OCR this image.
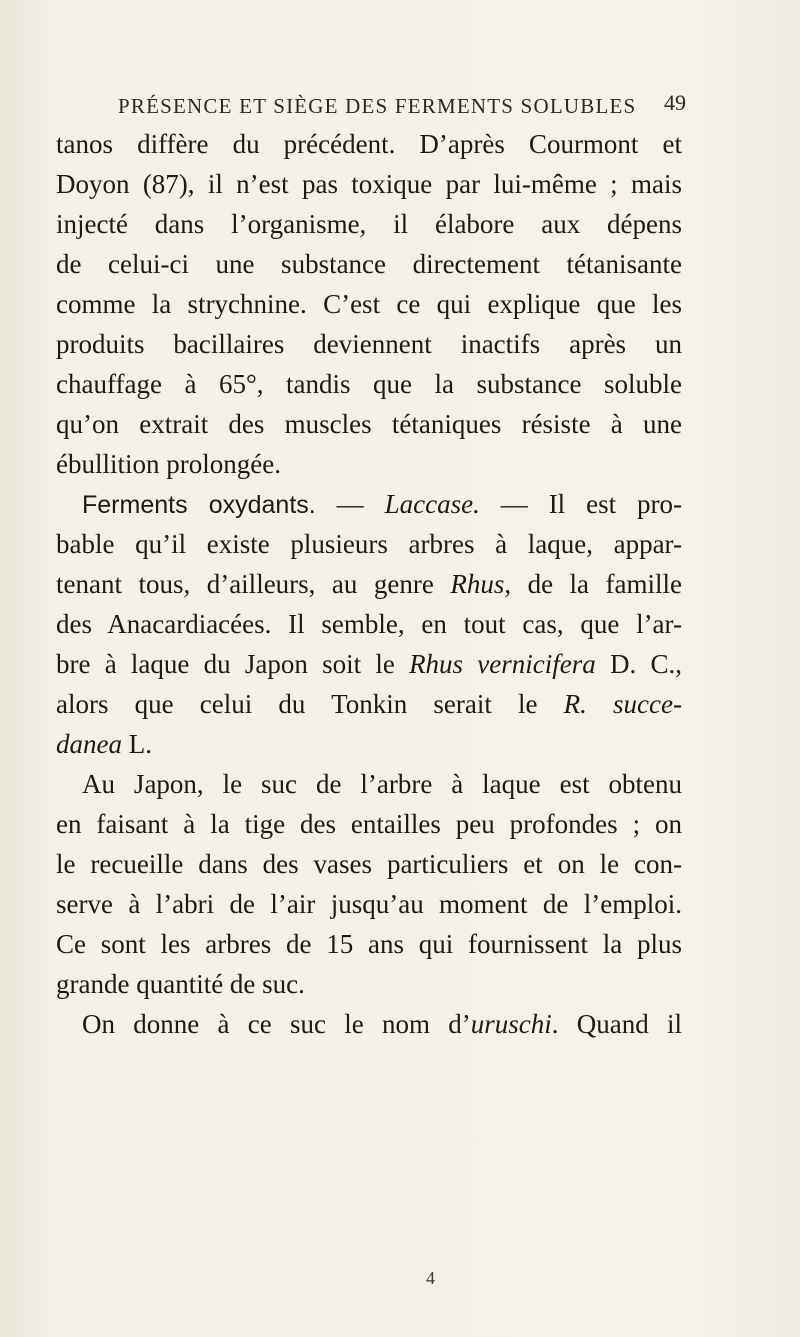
PRÉSENCE ET SIÈGE DES FERMENTS SOLUBLES	49
tanos diffère du précédent. D’après Courmont et
Doyon (87), il n’est pas toxique par lui-même ; mais
injecté dans l’organisme, il élabore aux dépens
de celui-ci une substance directement tétanisante
comme la strychnine. C’est ce qui explique que les
produits bacillaires deviennent inactifs après un
chauffage à 65°, tandis que la substance soluble
qu’on extrait des muscles tétaniques résiste à une
ébullition prolongée.
Ferments oxydants. — Laccase. — Il est pro-
bable qu’il existe plusieurs arbres à laque, appar-
tenant tous, d’ailleurs, au genre Rhus, de la famille
des Anacardiacées. Il semble, en tout cas, que l’ar-
bre à laque du Japon soit le Rhus vernicifera D. C.,
alors que celui du Tonkin serait le R. succe-
danea L.
Au Japon, le suc de l’arbre à laque est obtenu
en faisant à la tige des entailles peu profondes ; on
le recueille dans des vases particuliers et on le con-
serve à l’abri de l’air jusqu’au moment de l’emploi.
Ce sont les arbres de 15 ans qui fournissent la plus
grande quantité de suc.
On donne à ce suc le nom d’uruschi. Quand il
4
